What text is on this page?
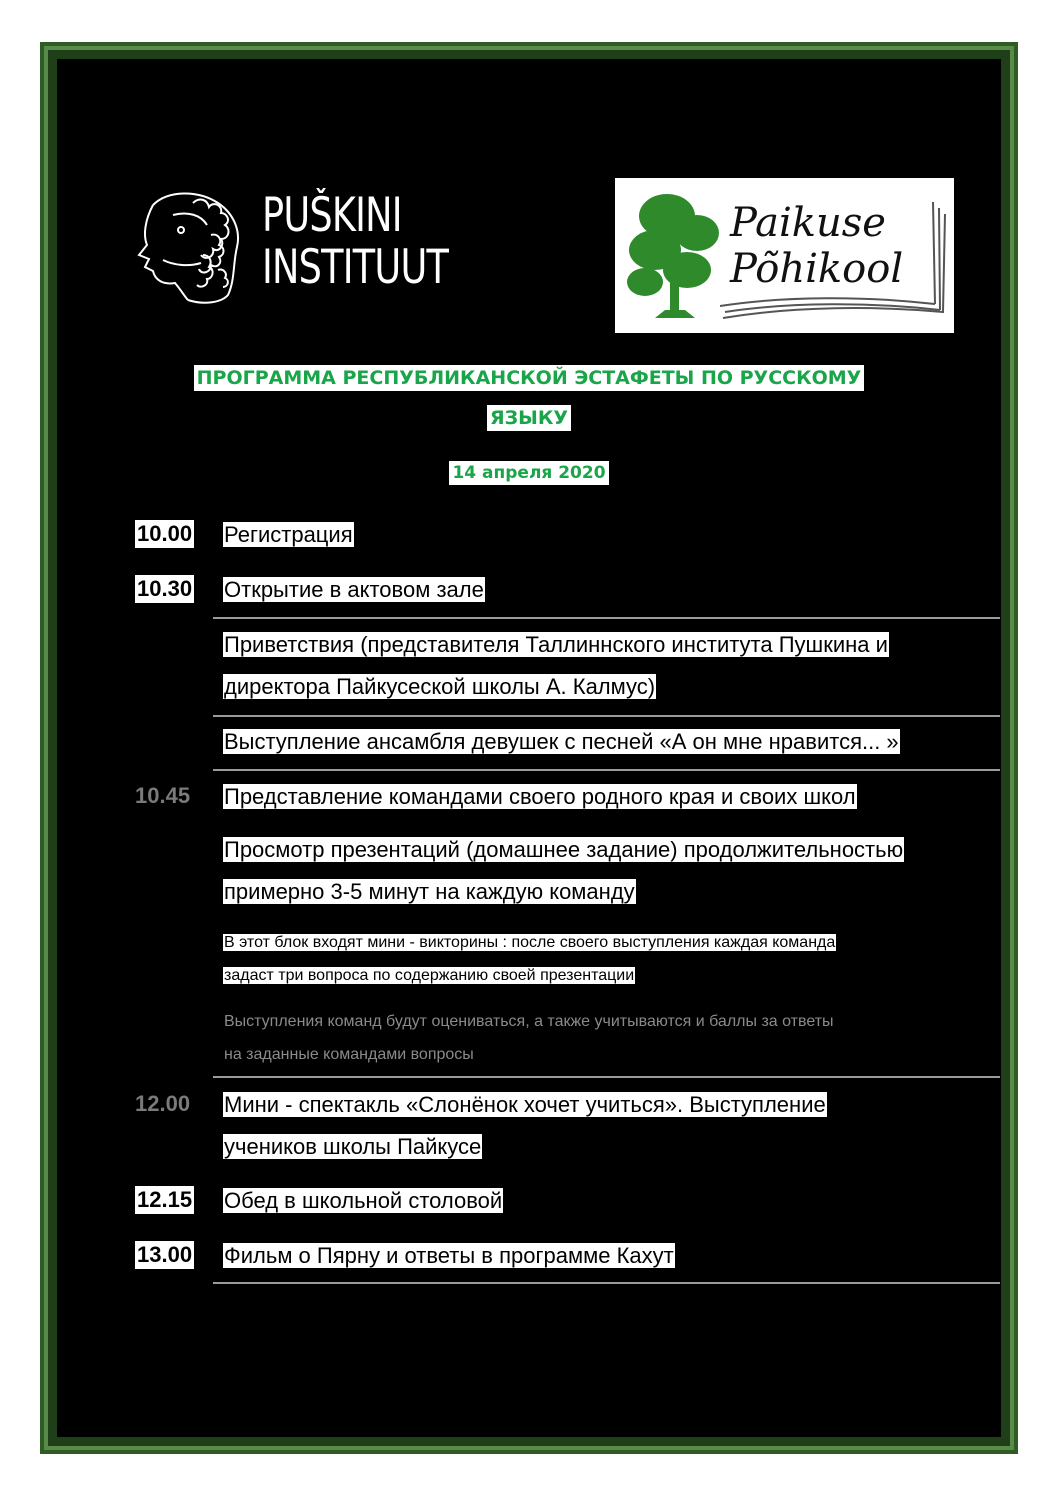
PUŠKINI
INSTITUUT
Paikuse
Põhikool
ПРОГРАММА РЕСПУБЛИКАНСКОЙ ЭСТАФЕТЫ ПО РУССКОМУ
ЯЗЫКУ
14 апреля 2020
10.00 Регистрация
10.30 Открытие в актовом зале
Приветствия (представителя Таллиннского института Пушкина и

директора Пайкусеской школы А. Калмус)
Выступление ансамбля девушек с песней «А он мне нравится... »
10.45 Представление командами своего родного края и своих школ
Просмотр презентаций (домашнее задание) продолжительностью

примерно 3-5 минут на каждую команду
В этот блок входят мини - викторины : после своего выступления каждая команда

задаст три вопроса по содержанию своей презентации
Выступления команд будут оцениваться, а также учитываются и баллы за ответы

на заданные командами вопросы
12.00 Мини - спектакль «Слонёнок хочет учиться». Выступление

учеников школы Пайкусе
12.15 Обед в школьной столовой
13.00 Фильм о Пярну и ответы в программе Кахут
